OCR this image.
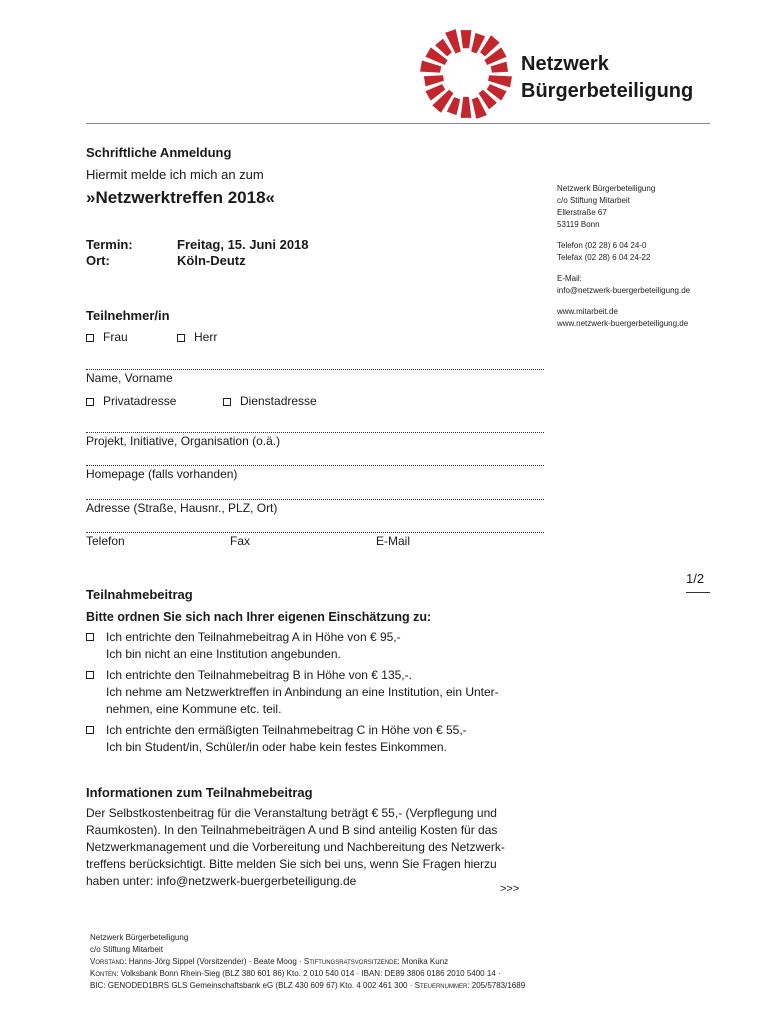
Netzwerk
Bürgerbeteiligung
Schriftliche Anmeldung
Hiermit melde ich mich an zum
»Netzwerktreffen 2018«
Termin:	Freitag, 15. Juni 2018
Ort:	Köln-Deutz
Netzwerk Bürgerbeteiligung
c/o Stiftung Mitarbeit
Ellerstraße 67
53119 Bonn
Telefon (02 28) 6 04 24-0
Telefax (02 28) 6 04 24-22
E-Mail:
info@netzwerk-buergerbeteiligung.de
www.mitarbeit.de
www.netzwerk-buergerbeteiligung.de
Teilnehmer/in
Frau	Herr
Name, Vorname
Privatadresse	Dienstadresse
Projekt, Initiative, Organisation (o.ä.)
Homepage (falls vorhanden)
Adresse (Straße, Hausnr., PLZ, Ort)
Telefon	Fax	E-Mail
1/2
Teilnahmebeitrag
Bitte ordnen Sie sich nach Ihrer eigenen Einschätzung zu:
Ich entrichte den Teilnahmebeitrag A in Höhe von € 95,-
Ich bin nicht an eine Institution angebunden.
Ich entrichte den Teilnahmebeitrag B in Höhe von € 135,-.
Ich nehme am Netzwerktreffen in Anbindung an eine Institution, ein Unter-
nehmen, eine Kommune etc. teil.
Ich entrichte den ermäßigten Teilnahmebeitrag C in Höhe von € 55,-
Ich bin Student/in, Schüler/in oder habe kein festes Einkommen.
Informationen zum Teilnahmebeitrag
Der Selbstkostenbeitrag für die Veranstaltung beträgt € 55,- (Verpflegung und
Raumkosten). In den Teilnahmebeiträgen A und B sind anteilig Kosten für das
Netzwerkmanagement und die Vorbereitung und Nachbereitung des Netzwerk-
treffens berücksichtigt. Bitte melden Sie sich bei uns, wenn Sie Fragen hierzu
haben unter: info@netzwerk-buergerbeteiligung.de
>>>
Netzwerk Bürgerbeteiligung
c/o Stiftung Mitarbeit
Vorstand: Hanns-Jörg Sippel (Vorsitzender) · Beate Moog · Stiftungsratsvorsitzende: Monika Kunz
Konten: Volksbank Bonn Rhein-Sieg (BLZ 380 601 86) Kto. 2 010 540 014 · IBAN: DE89 3806 0186 2010 5400 14 ·
BIC: GENODED1BRS GLS Gemeinschaftsbank eG (BLZ 430 609 67) Kto. 4 002 461 300 · Steuernummer: 205/5783/1689
